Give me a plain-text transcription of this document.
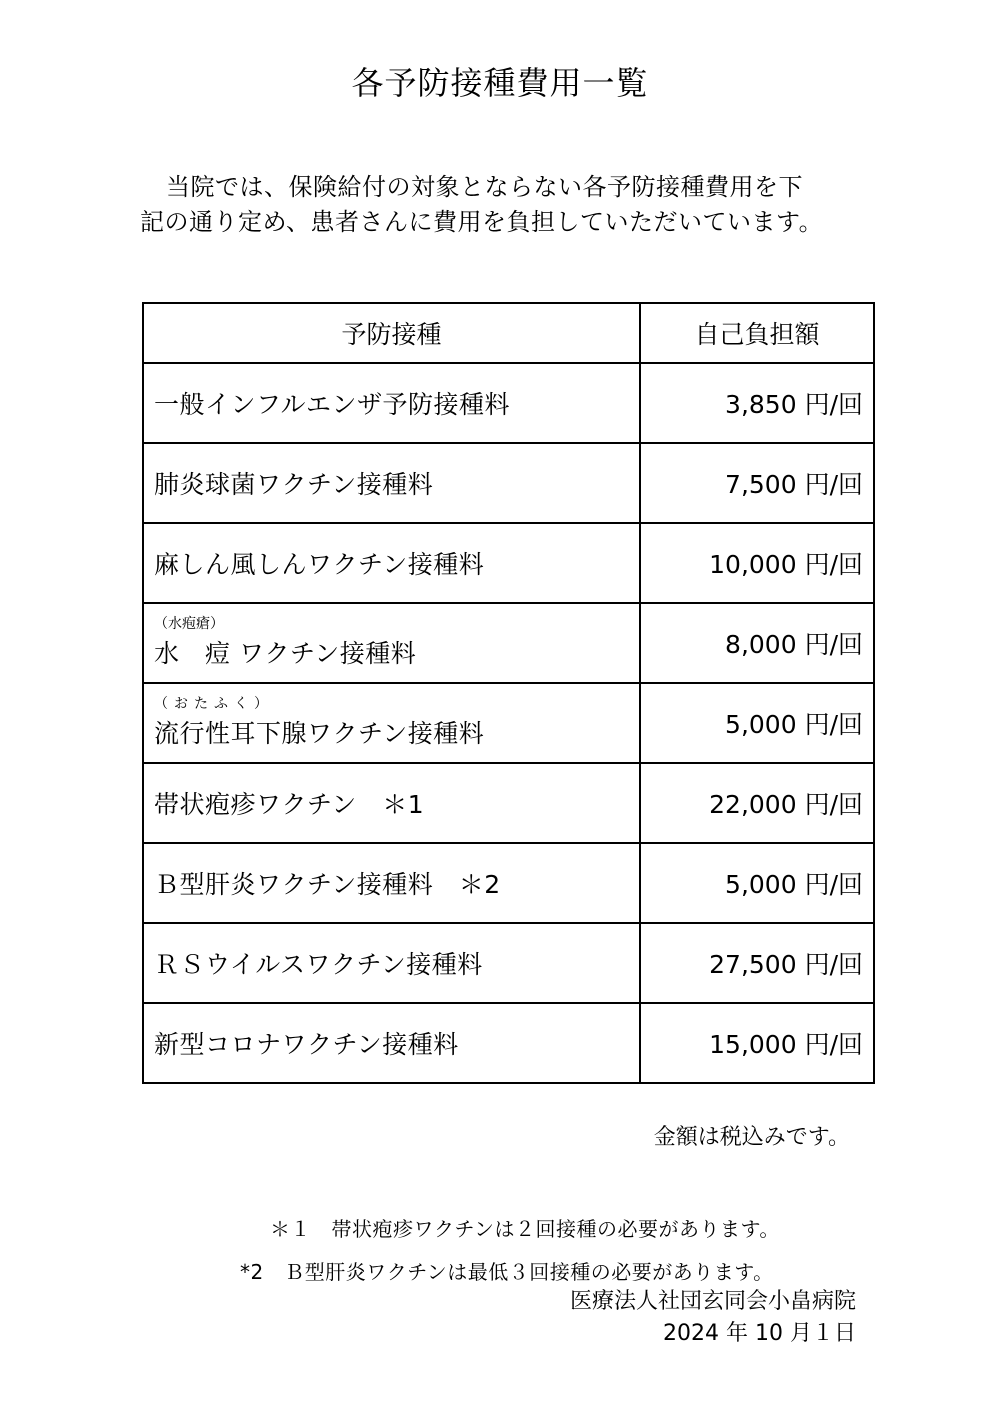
各予防接種費用一覧
当院では、保険給付の対象とならない各予防接種費用を下
記の通り定め、患者さんに費用を負担していただいています。
予防接種	自己負担額
一般インフルエンザ予防接種料	3,850 円/回
肺炎球菌ワクチン接種料	7,500 円/回
麻しん風しんワクチン接種料	10,000 円/回

（水疱瘡）
水　痘 ワクチン接種料	8,000 円/回

（おたふく）
流行性耳下腺ワクチン接種料	5,000 円/回
帯状疱疹ワクチン　＊1	22,000 円/回
Ｂ型肝炎ワクチン接種料　＊2	5,000 円/回
ＲＳウイルスワクチン接種料	27,500 円/回
新型コロナワクチン接種料	15,000 円/回
金額は税込みです。
＊１　帯状疱疹ワクチンは２回接種の必要があります。
*2　Ｂ型肝炎ワクチンは最低３回接種の必要があります。
医療法人社団玄同会小畠病院
2024 年 10 月１日
